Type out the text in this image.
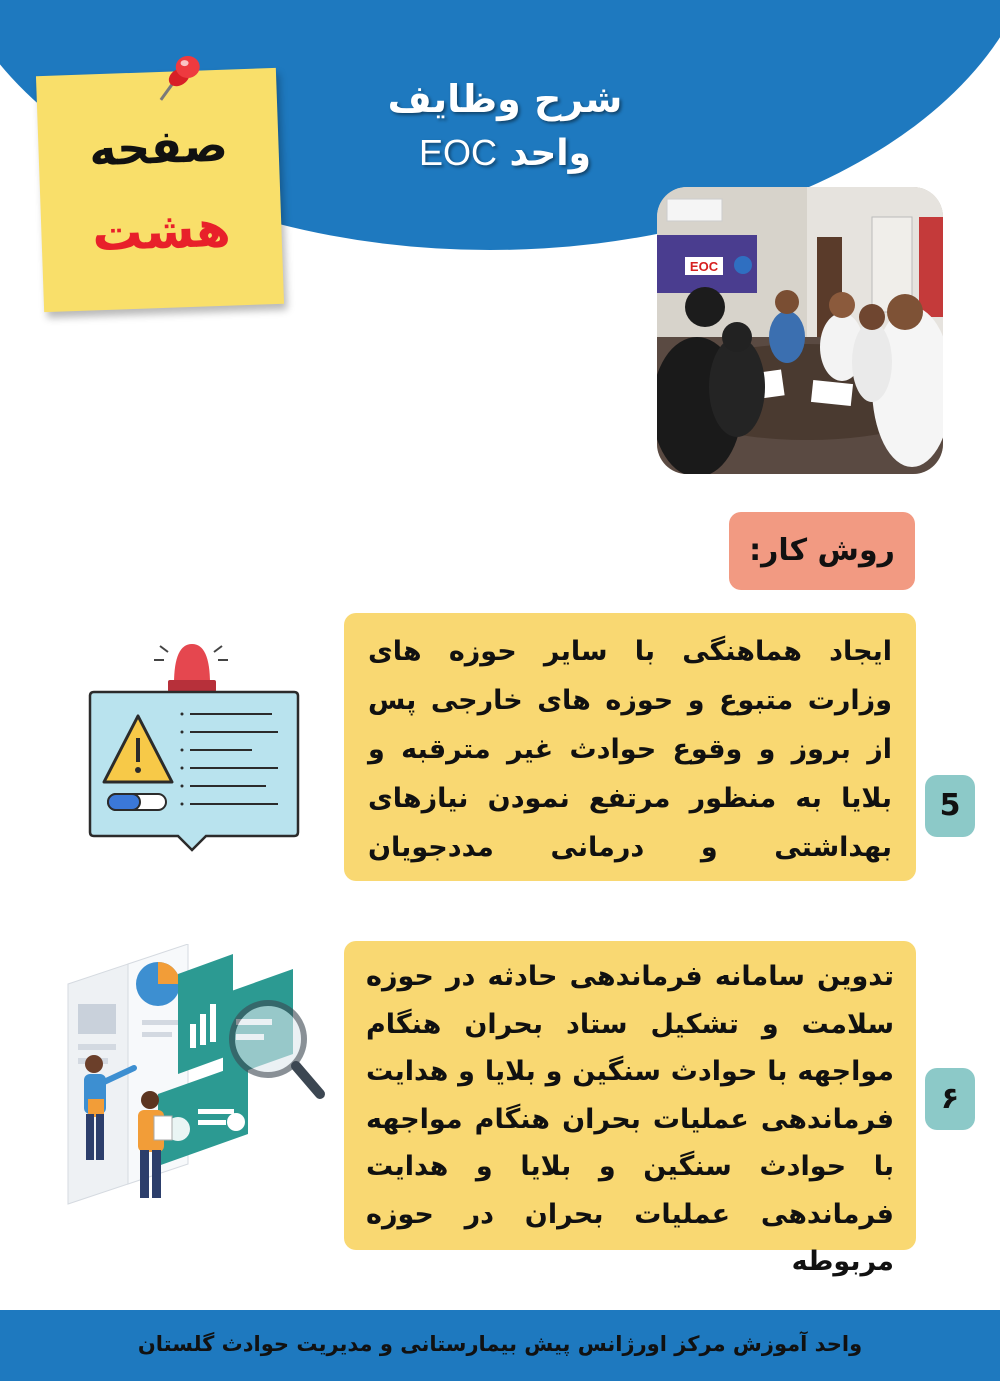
شرح وظایف
واحد EOC
صفحه
هشت
EOC
روش کار:

ایجاد هماهنگی با سایر حوزه های وزارت متبوع و حوزه های خارجی پس از بروز و وقوع حوادث غیر مترقبه و بلایا به منظور مرتفع نمودن نیازهای بهداشتی و درمانی مددجویان

5

تدوین سامانه فرماندهی حادثه در حوزه سلامت و تشکیل ستاد بحران هنگام مواجهه با حوادث سنگین و بلایا و هدایت فرماندهی عملیات بحران هنگام مواجهه با حوادث سنگین و بلایا و هدایت فرماندهی عملیات بحران در حوزه مربوطه

۶
واحد آموزش مرکز اورژانس پیش بیمارستانی و مدیریت حوادث گلستان
